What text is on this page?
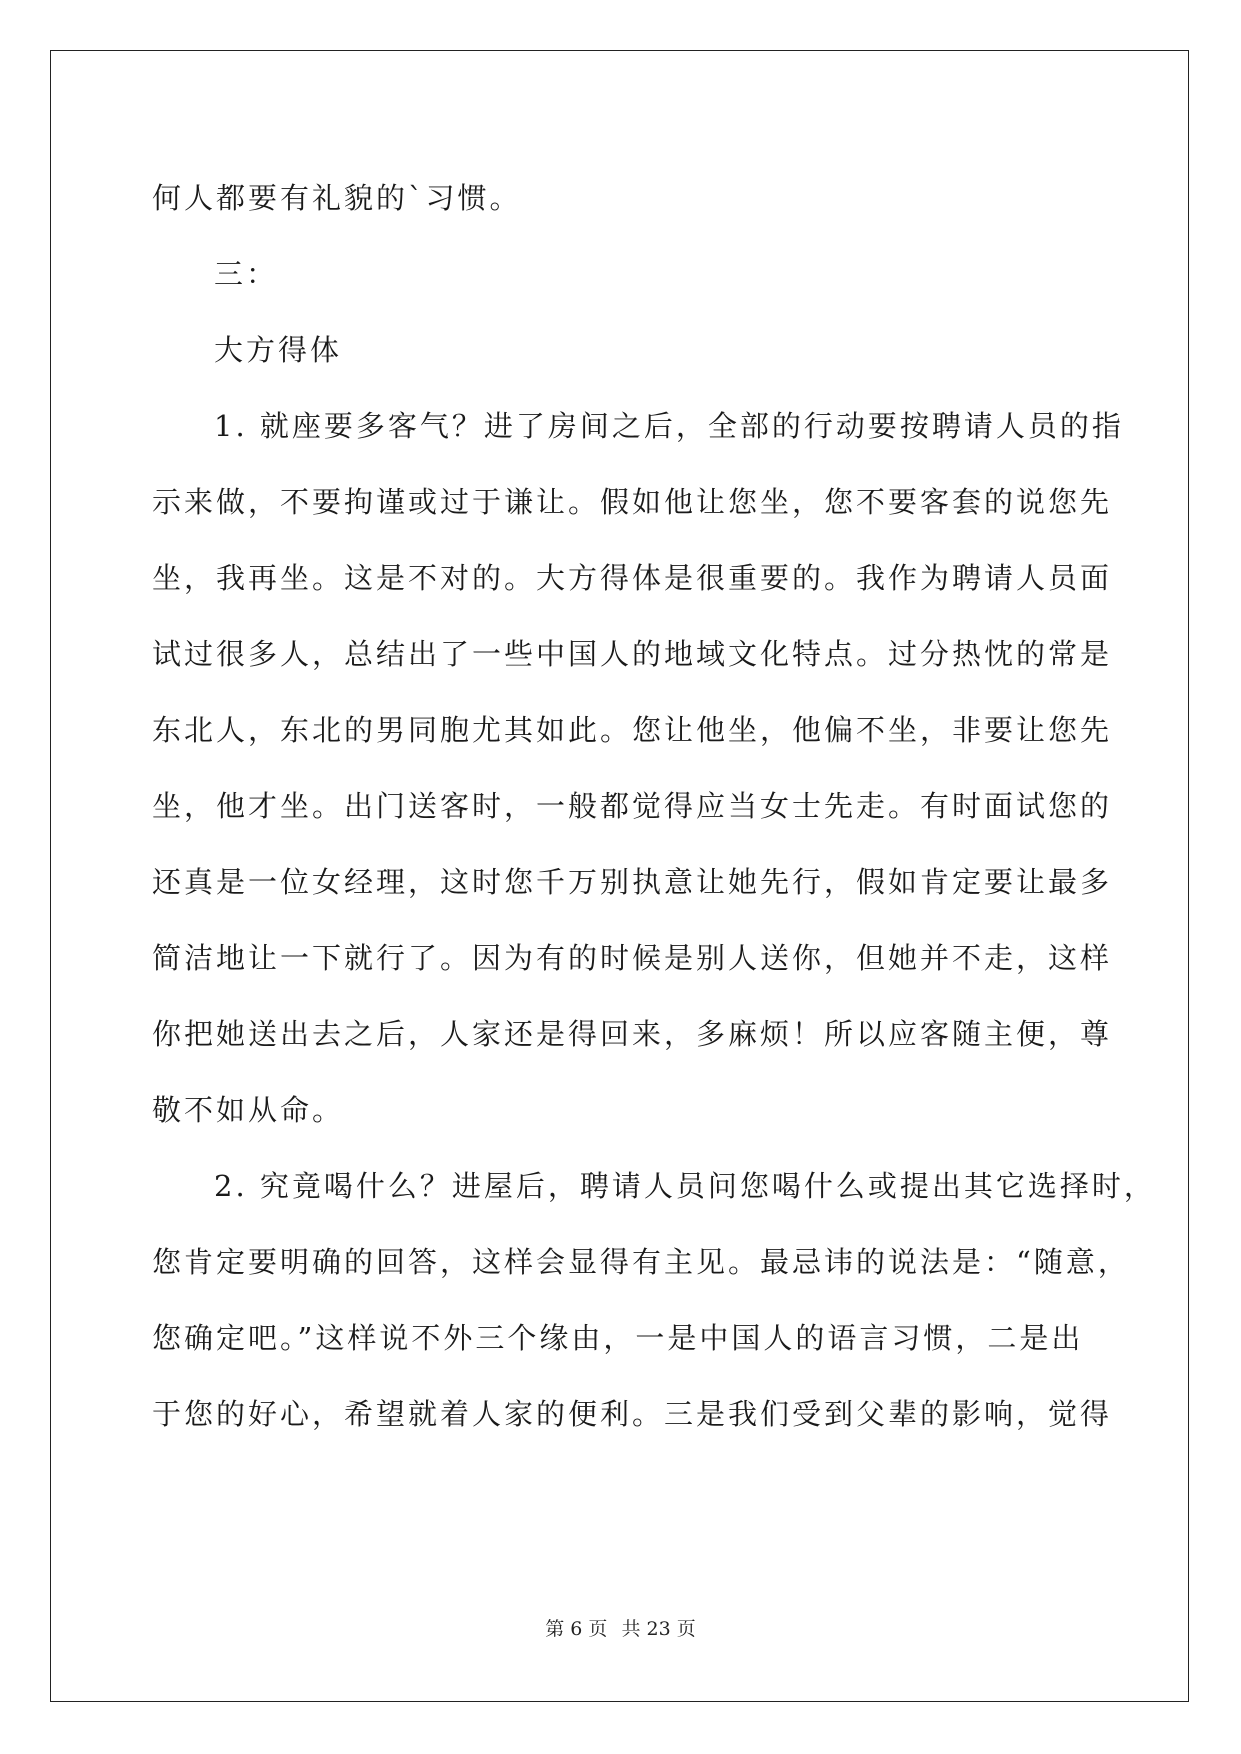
何人都要有礼貌的`习惯。
三：
大方得体
1. 就座要多客气？进了房间之后，全部的行动要按聘请人员的指
示来做，不要拘谨或过于谦让。假如他让您坐，您不要客套的说您先
坐，我再坐。这是不对的。大方得体是很重要的。我作为聘请人员面
试过很多人，总结出了一些中国人的地域文化特点。过分热忱的常是
东北人，东北的男同胞尤其如此。您让他坐，他偏不坐，非要让您先
坐，他才坐。出门送客时，一般都觉得应当女士先走。有时面试您的
还真是一位女经理，这时您千万别执意让她先行，假如肯定要让最多
简洁地让一下就行了。因为有的时候是别人送你，但她并不走，这样
你把她送出去之后，人家还是得回来，多麻烦！所以应客随主便，尊
敬不如从命。
2. 究竟喝什么？进屋后，聘请人员问您喝什么或提出其它选择时，
您肯定要明确的回答，这样会显得有主见。最忌讳的说法是：“随意，
您确定吧。”这样说不外三个缘由，一是中国人的语言习惯，二是出
于您的好心，希望就着人家的便利。三是我们受到父辈的影响，觉得
第 6 页 共 23 页
